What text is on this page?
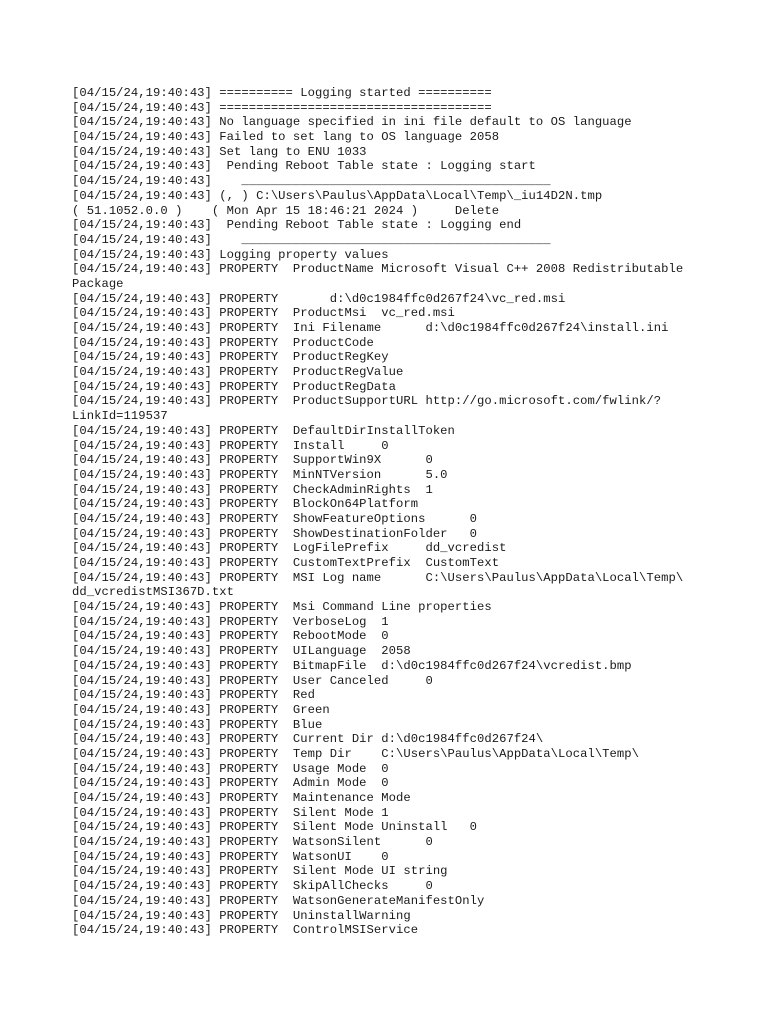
[04/15/24,19:40:43] ========== Logging started ==========
[04/15/24,19:40:43] =====================================
[04/15/24,19:40:43] No language specified in ini file default to OS language
[04/15/24,19:40:43] Failed to set lang to OS language 2058
[04/15/24,19:40:43] Set lang to ENU 1033
[04/15/24,19:40:43]  Pending Reboot Table state : Logging start
[04/15/24,19:40:43]    __________________________________________
[04/15/24,19:40:43] (, ) C:\Users\Paulus\AppData\Local\Temp\_iu14D2N.tmp
( 51.1052.0.0 )    ( Mon Apr 15 18:46:21 2024 )     Delete
[04/15/24,19:40:43]  Pending Reboot Table state : Logging end
[04/15/24,19:40:43]    __________________________________________
[04/15/24,19:40:43] Logging property values
[04/15/24,19:40:43] PROPERTY  ProductName Microsoft Visual C++ 2008 Redistributable
Package
[04/15/24,19:40:43] PROPERTY       d:\d0c1984ffc0d267f24\vc_red.msi
[04/15/24,19:40:43] PROPERTY  ProductMsi  vc_red.msi
[04/15/24,19:40:43] PROPERTY  Ini Filename      d:\d0c1984ffc0d267f24\install.ini
[04/15/24,19:40:43] PROPERTY  ProductCode
[04/15/24,19:40:43] PROPERTY  ProductRegKey
[04/15/24,19:40:43] PROPERTY  ProductRegValue
[04/15/24,19:40:43] PROPERTY  ProductRegData
[04/15/24,19:40:43] PROPERTY  ProductSupportURL http://go.microsoft.com/fwlink/?
LinkId=119537
[04/15/24,19:40:43] PROPERTY  DefaultDirInstallToken
[04/15/24,19:40:43] PROPERTY  Install     0
[04/15/24,19:40:43] PROPERTY  SupportWin9X      0
[04/15/24,19:40:43] PROPERTY  MinNTVersion      5.0
[04/15/24,19:40:43] PROPERTY  CheckAdminRights  1
[04/15/24,19:40:43] PROPERTY  BlockOn64Platform
[04/15/24,19:40:43] PROPERTY  ShowFeatureOptions      0
[04/15/24,19:40:43] PROPERTY  ShowDestinationFolder   0
[04/15/24,19:40:43] PROPERTY  LogFilePrefix     dd_vcredist
[04/15/24,19:40:43] PROPERTY  CustomTextPrefix  CustomText
[04/15/24,19:40:43] PROPERTY  MSI Log name      C:\Users\Paulus\AppData\Local\Temp\
dd_vcredistMSI367D.txt
[04/15/24,19:40:43] PROPERTY  Msi Command Line properties
[04/15/24,19:40:43] PROPERTY  VerboseLog  1
[04/15/24,19:40:43] PROPERTY  RebootMode  0
[04/15/24,19:40:43] PROPERTY  UILanguage  2058
[04/15/24,19:40:43] PROPERTY  BitmapFile  d:\d0c1984ffc0d267f24\vcredist.bmp
[04/15/24,19:40:43] PROPERTY  User Canceled     0
[04/15/24,19:40:43] PROPERTY  Red
[04/15/24,19:40:43] PROPERTY  Green
[04/15/24,19:40:43] PROPERTY  Blue
[04/15/24,19:40:43] PROPERTY  Current Dir d:\d0c1984ffc0d267f24\
[04/15/24,19:40:43] PROPERTY  Temp Dir    C:\Users\Paulus\AppData\Local\Temp\
[04/15/24,19:40:43] PROPERTY  Usage Mode  0
[04/15/24,19:40:43] PROPERTY  Admin Mode  0
[04/15/24,19:40:43] PROPERTY  Maintenance Mode
[04/15/24,19:40:43] PROPERTY  Silent Mode 1
[04/15/24,19:40:43] PROPERTY  Silent Mode Uninstall   0
[04/15/24,19:40:43] PROPERTY  WatsonSilent      0
[04/15/24,19:40:43] PROPERTY  WatsonUI    0
[04/15/24,19:40:43] PROPERTY  Silent Mode UI string
[04/15/24,19:40:43] PROPERTY  SkipAllChecks     0
[04/15/24,19:40:43] PROPERTY  WatsonGenerateManifestOnly
[04/15/24,19:40:43] PROPERTY  UninstallWarning
[04/15/24,19:40:43] PROPERTY  ControlMSIService
